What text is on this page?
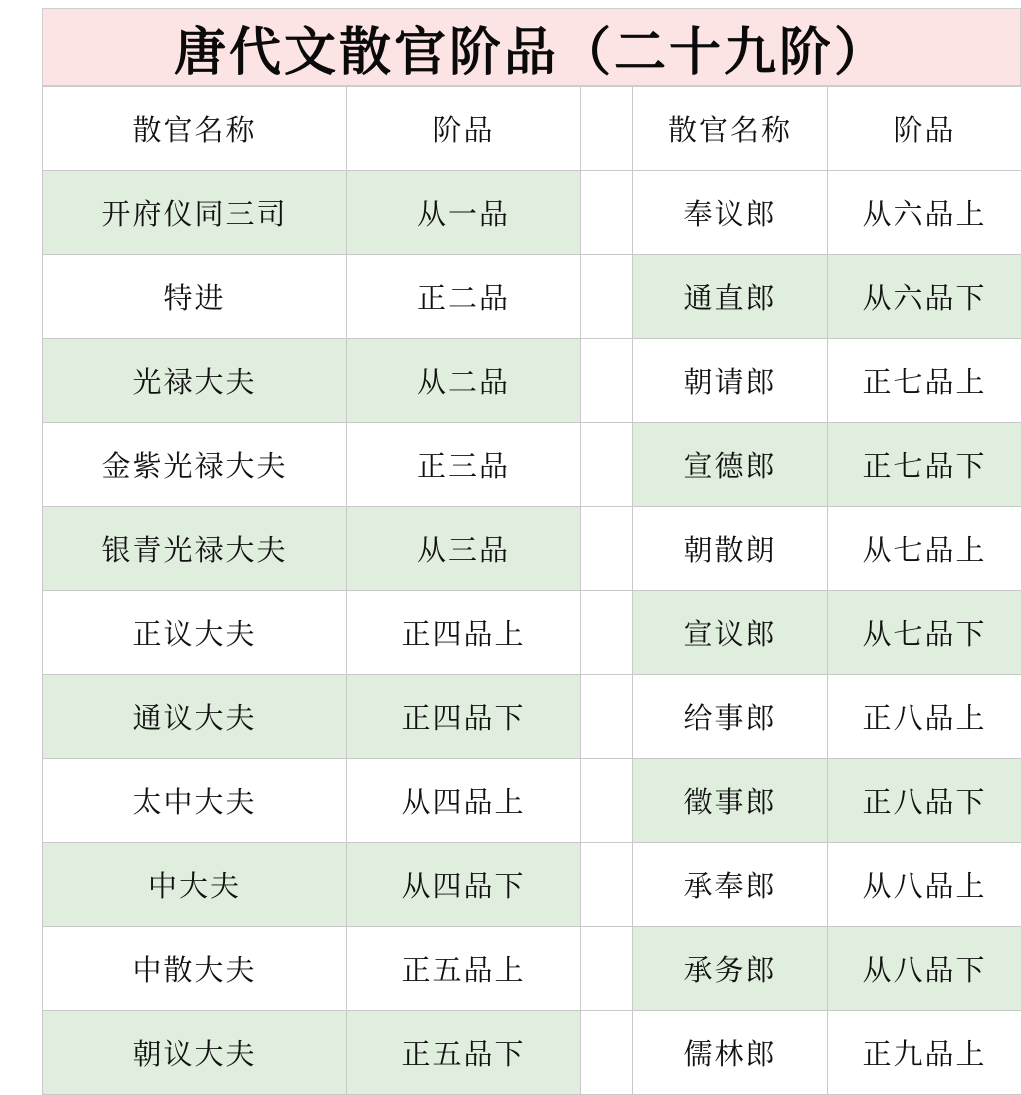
唐代文散官阶品（二十九阶）
散官名称	阶品		散官名称	阶品
开府仪同三司	从一品		奉议郎	从六品上
特进	正二品		通直郎	从六品下
光禄大夫	从二品		朝请郎	正七品上
金紫光禄大夫	正三品		宣德郎	正七品下
银青光禄大夫	从三品		朝散朗	从七品上
正议大夫	正四品上		宣议郎	从七品下
通议大夫	正四品下		给事郎	正八品上
太中大夫	从四品上		徵事郎	正八品下
中大夫	从四品下		承奉郎	从八品上
中散大夫	正五品上		承务郎	从八品下
朝议大夫	正五品下		儒林郎	正九品上
